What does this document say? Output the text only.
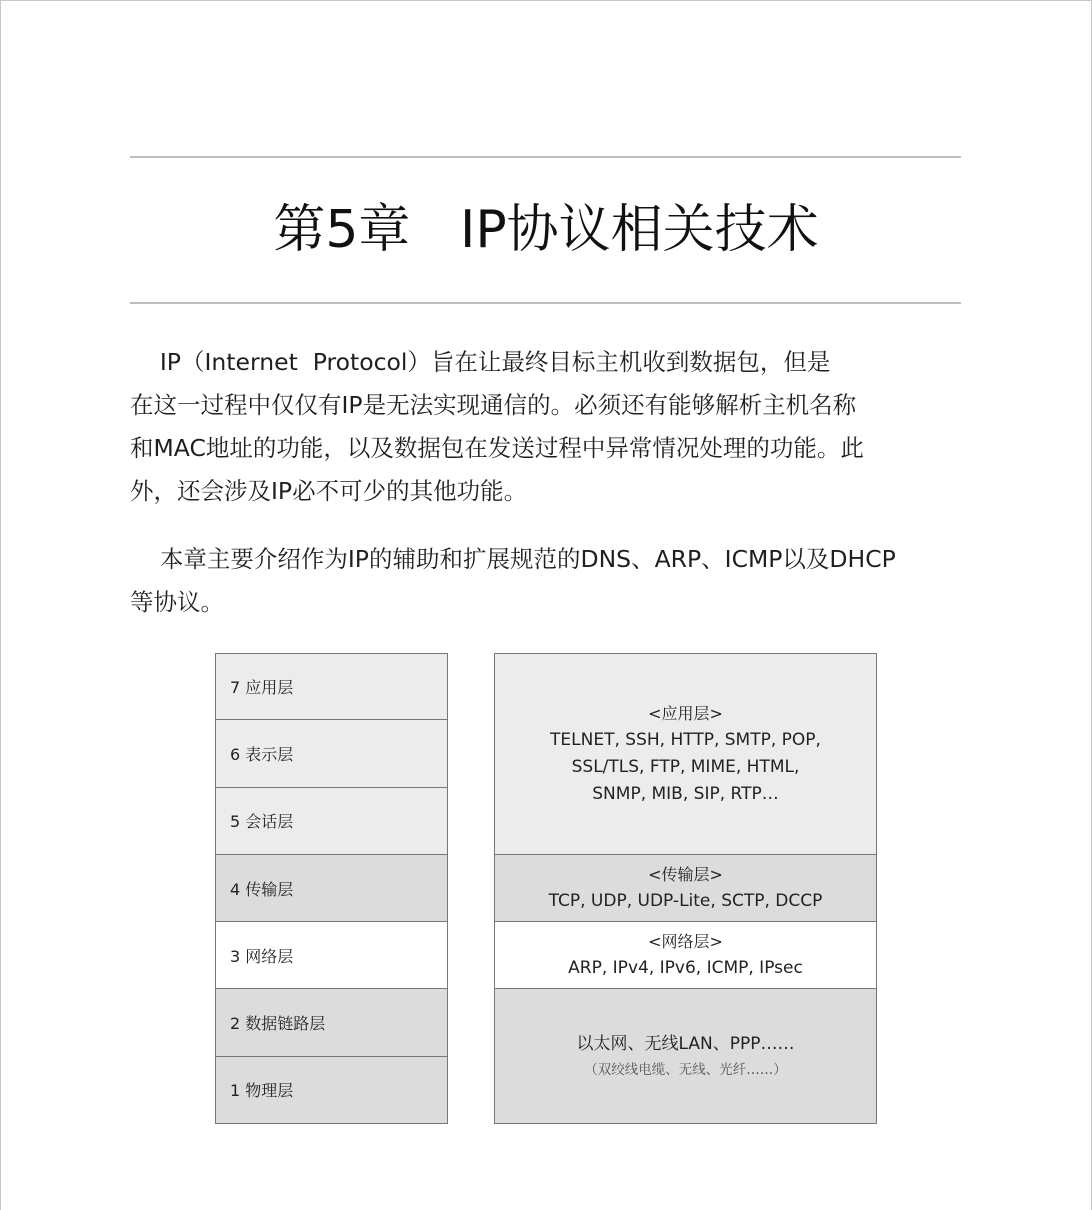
第5章   IP协议相关技术
IP（Internet  Protocol）旨在让最终目标主机收到数据包，但是
在这一过程中仅仅有IP是无法实现通信的。必须还有能够解析主机名称
和MAC地址的功能，以及数据包在发送过程中异常情况处理的功能。此
外，还会涉及IP必不可少的其他功能。
本章主要介绍作为IP的辅助和扩展规范的DNS、ARP、ICMP以及DHCP
等协议。
7 应用层
6 表示层
5 会话层
4 传输层
3 网络层
2 数据链路层
1 物理层
<应用层>
TELNET, SSH, HTTP, SMTP, POP,
SSL/TLS, FTP, MIME, HTML,
SNMP, MIB, SIP, RTP…
<传输层>
TCP, UDP, UDP-Lite, SCTP, DCCP
<网络层>
ARP, IPv4, IPv6, ICMP, IPsec
以太网、无线LAN、PPP……
（双绞线电缆、无线、光纤……）
